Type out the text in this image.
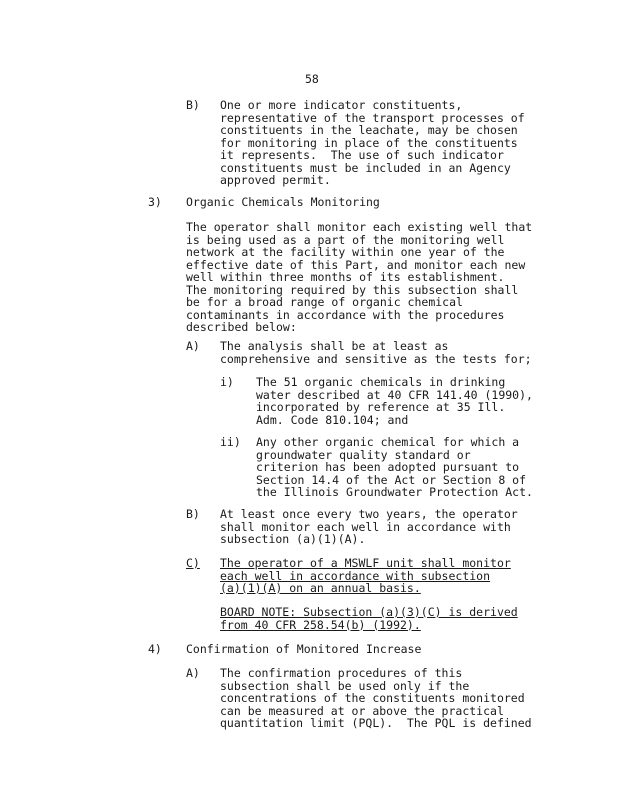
58
B) One or more indicator constituents,
representative of the transport processes of
constituents in the leachate, may be chosen
for monitoring in place of the constituents
it represents.  The use of such indicator
constituents must be included in an Agency
approved permit.
3) Organic Chemicals Monitoring
The operator shall monitor each existing well that
is being used as a part of the monitoring well
network at the facility within one year of the
effective date of this Part, and monitor each new
well within three months of its establishment.
The monitoring required by this subsection shall
be for a broad range of organic chemical
contaminants in accordance with the procedures
described below:
A) The analysis shall be at least as
comprehensive and sensitive as the tests for;
i) The 51 organic chemicals in drinking
water described at 40 CFR 141.40 (1990),
incorporated by reference at 35 Ill.
Adm. Code 810.104; and
ii) Any other organic chemical for which a
groundwater quality standard or
criterion has been adopted pursuant to
Section 14.4 of the Act or Section 8 of
the Illinois Groundwater Protection Act.
B) At least once every two years, the operator
shall monitor each well in accordance with
subsection (a)(1)(A).
C) The operator of a MSWLF unit shall monitor
each well in accordance with subsection
(a)(1)(A) on an annual basis.
BOARD NOTE: Subsection (a)(3)(C) is derived
from 40 CFR 258.54(b) (1992).
4) Confirmation of Monitored Increase
A) The confirmation procedures of this
subsection shall be used only if the
concentrations of the constituents monitored
can be measured at or above the practical
quantitation limit (PQL).  The PQL is defined
